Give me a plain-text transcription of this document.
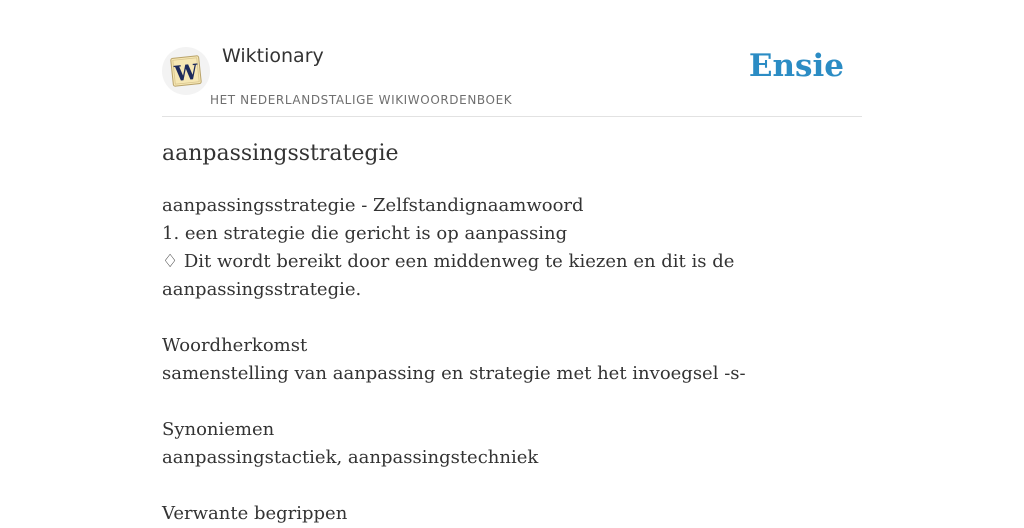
W
Wiktionary
HET NEDERLANDSTALIGE WIKIWOORDENBOEK
Ensie
aanpassingsstrategie
aanpassingsstrategie - Zelfstandignaamwoord
1. een strategie die gericht is op aanpassing
♢ Dit wordt bereikt door een middenweg te kiezen en dit is de aanpassingsstrategie.
Woordherkomst
samenstelling van aanpassing en strategie met het invoegsel -s-
Synoniemen
aanpassingstactiek, aanpassingstechniek
Verwante begrippen
